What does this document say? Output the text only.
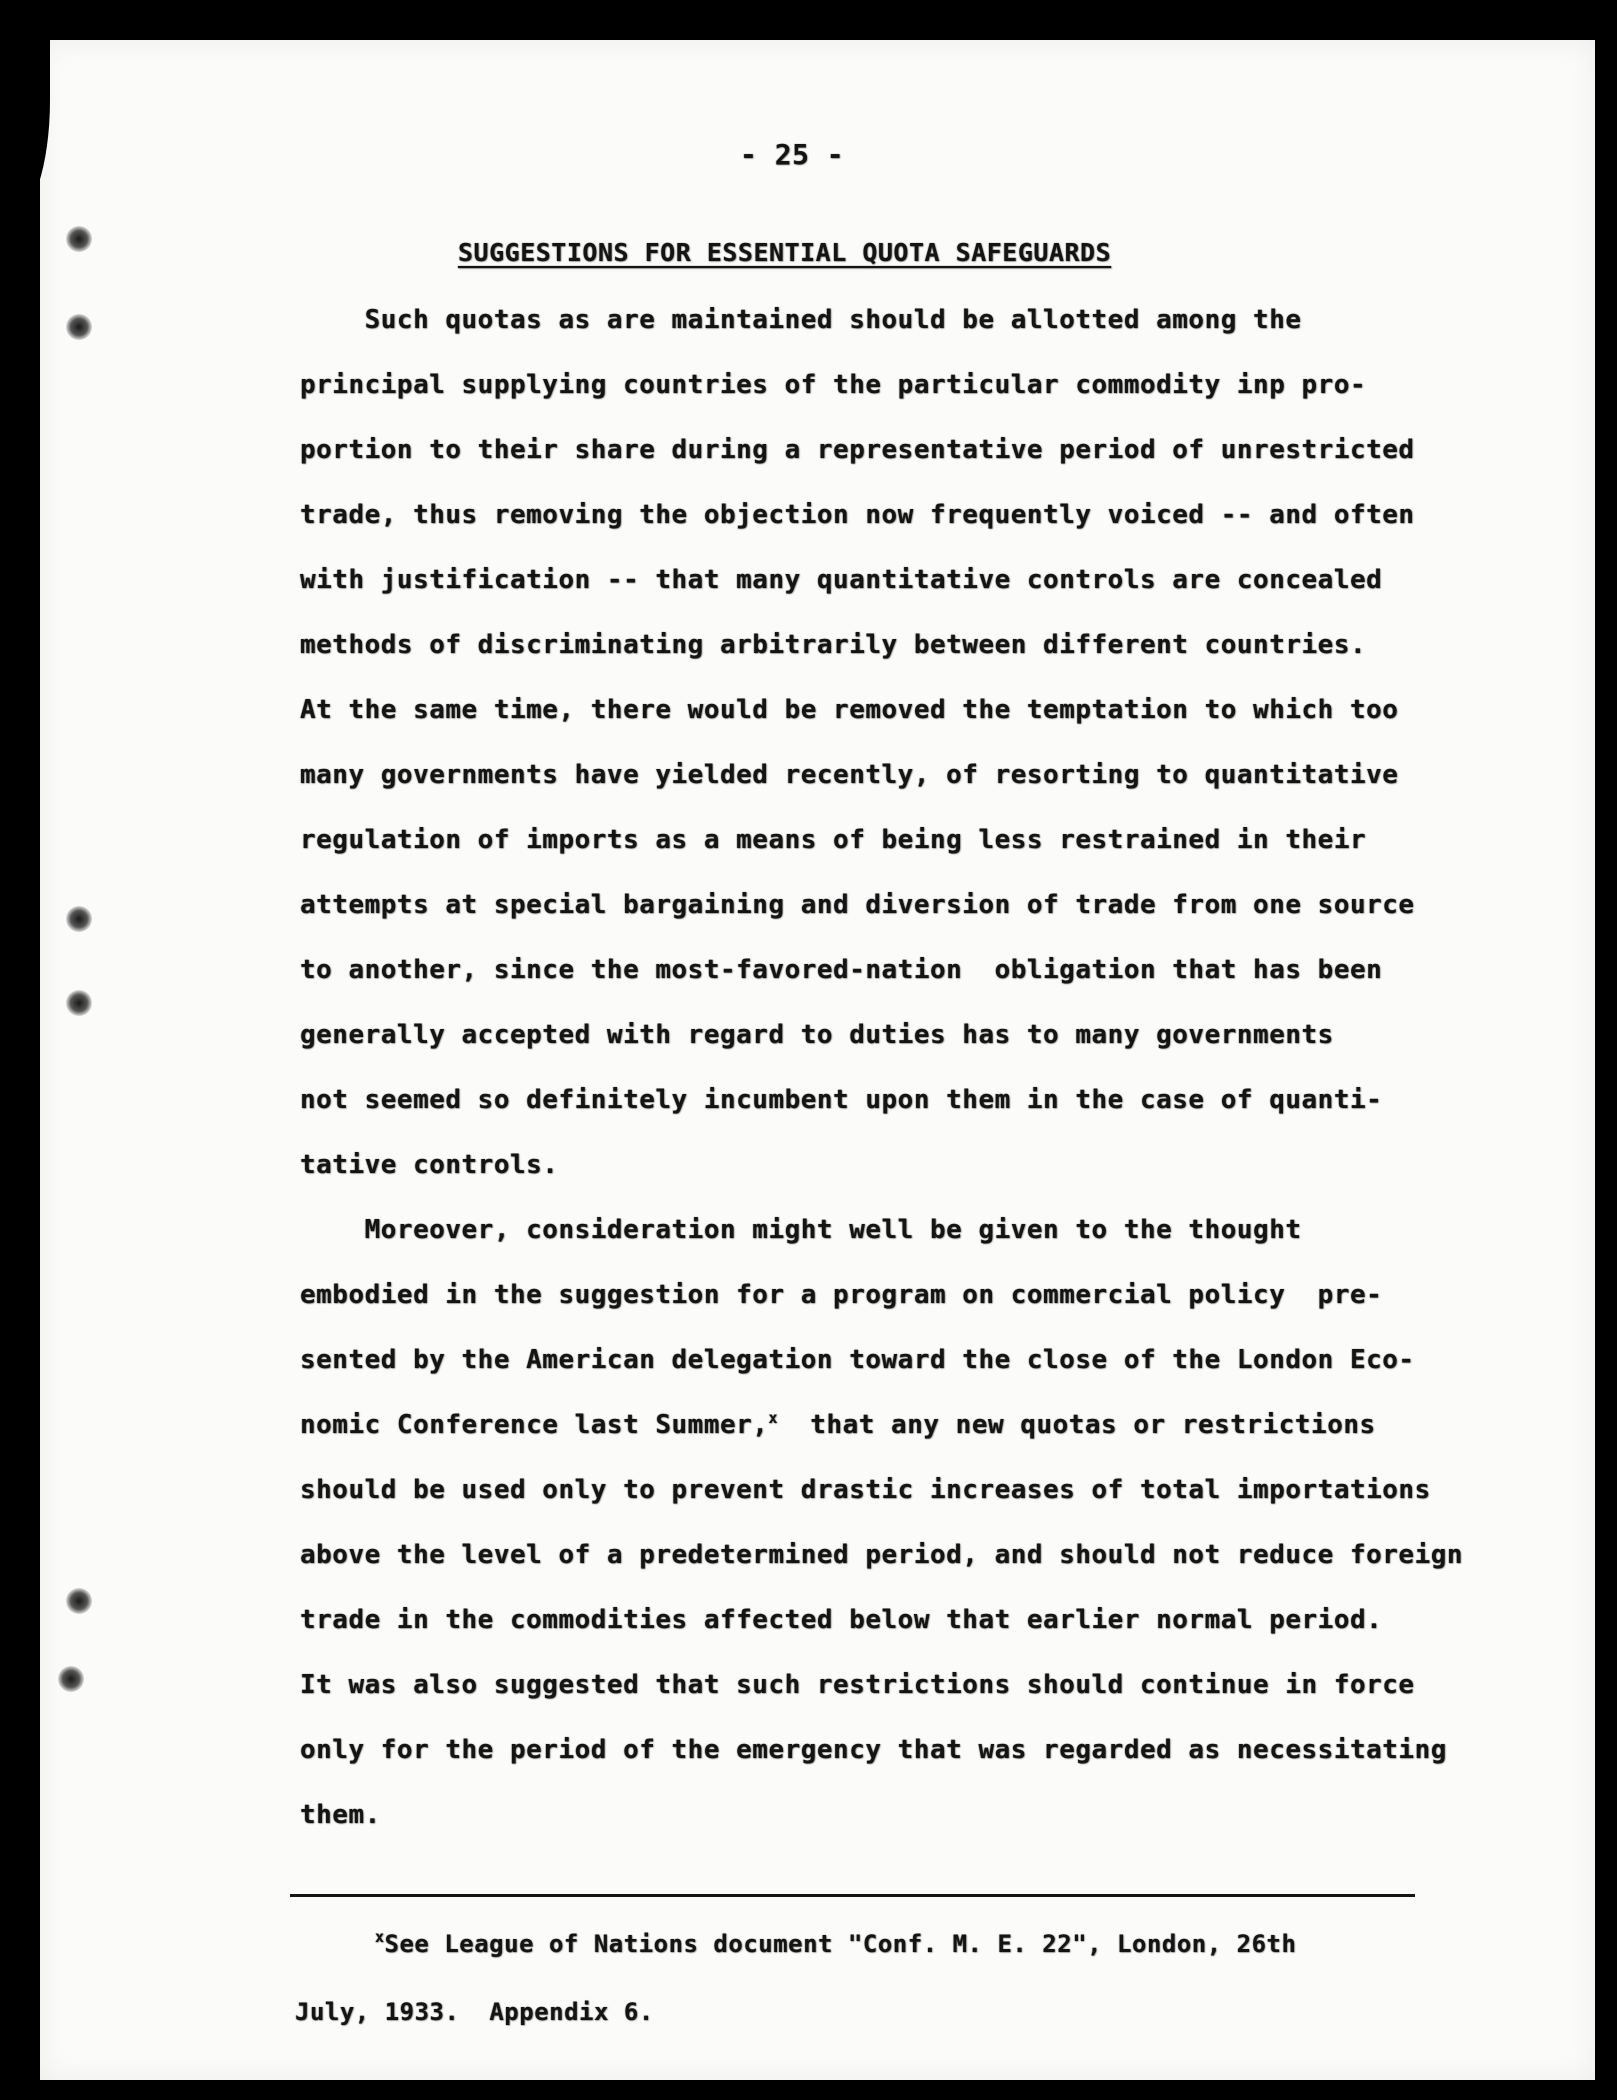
- 25 -

SUGGESTIONS FOR ESSENTIAL QUOTA SAFEGUARDS

Such quotas as are maintained should be allotted among the

principal supplying countries of the particular commodity inp pro-

portion to their share during a representative period of unrestricted

trade, thus removing the objection now frequently voiced -- and often

with justification -- that many quantitative controls are concealed

methods of discriminating arbitrarily between different countries.

At the same time, there would be removed the temptation to which too

many governments have yielded recently, of resorting to quantitative

regulation of imports as a means of being less restrained in their

attempts at special bargaining and diversion of trade from one source

to another, since the most-favored-nation  obligation that has been

generally accepted with regard to duties has to many governments

not seemed so definitely incumbent upon them in the case of quanti-

tative controls.

Moreover, consideration might well be given to the thought

embodied in the suggestion for a program on commercial policy  pre-

sented by the American delegation toward the close of the London Eco-

nomic Conference last Summer,$^x$  that any new quotas or restrictions

should be used only to prevent drastic increases of total importations

above the level of a predetermined period, and should not reduce foreign

trade in the commodities affected below that earlier normal period.

It was also suggested that such restrictions should continue in force

only for the period of the emergency that was regarded as necessitating

them.

$^x$See League of Nations document "Conf. M. E. 22", London, 26th

July, 1933.  Appendix 6.
